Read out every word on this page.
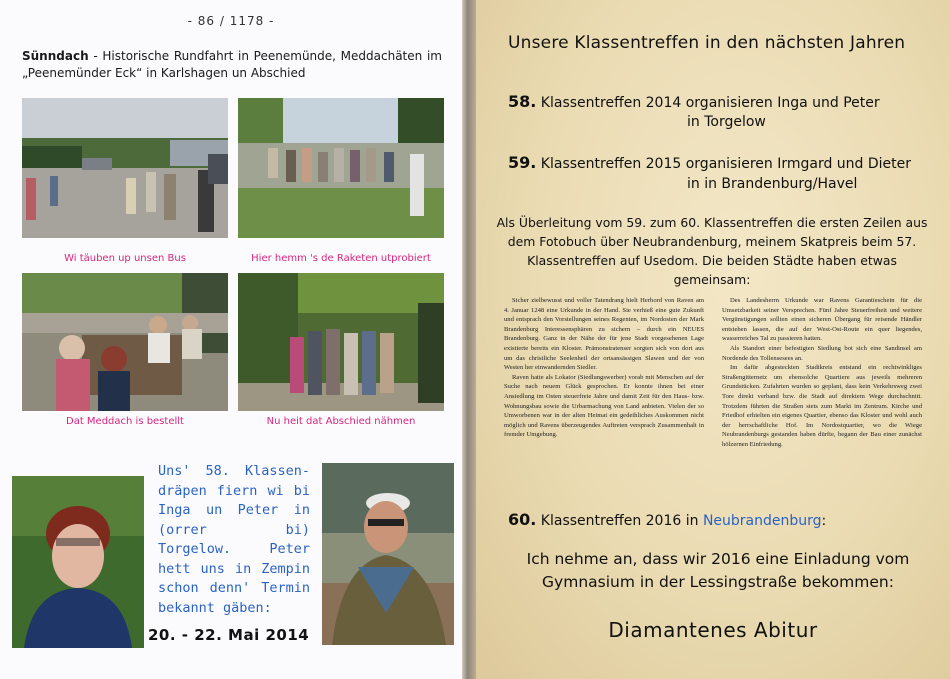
- 86 / 1178 -
Sünndach - Historische Rundfahrt in Peenemünde, Meddachäten im „Peenemünder Eck“ in Karlshagen un Abschied
Wi täuben up unsen Bus	Hier hemm 's de Raketen utprobiert
Dat Meddach is bestellt	Nu heit dat Abschied nähmen
Uns' 58. Klassen-dräpen fiern wi bi Inga un Peter in (orrer bi) Torgelow. Peter hett uns in Zempin schon denn' Termin bekannt gäben:
20. - 22. Mai 2014
Unsere Klassentreffen in den nächsten Jahren
58. Klassentreffen 2014 organisieren Inga und Peter
in Torgelow
59. Klassentreffen 2015 organisieren Irmgard und Dieter
in in Brandenburg/Havel
Als Überleitung vom 59. zum 60. Klassentreffen die ersten Zeilen aus dem Fotobuch über Neubrandenburg, meinem Skatpreis beim 57. Klassentreffen auf Usedom. Die beiden Städte haben etwas gemeinsam:

Sicher zielbewusst und voller Tatendrang hielt Herbord von Raven am 4. Januar 1248 eine Urkunde in der Hand. Sie verhieß eine gute Zukunft und entsprach den Vorstellungen seines Regenten, im Nordosten der Mark Brandenburg Interessensphären zu sichern – durch ein NEUES Brandenburg. Ganz in der Nähe der für jene Stadt vorgesehenen Lage existierte bereits ein Kloster. Prämonstratenser sorgten sich von dort aus um das christliche Seelenheil der ortsansässigen Slawen und der von Westen her einwandernden Siedler.

Raven hatte als Lokator (Siedlungswerber) vorab mit Menschen auf der Suche nach neuem Glück gesprochen. Er konnte ihnen bei einer Ansiedlung im Osten steuerfreie Jahre und damit Zeit für den Haus- bzw. Wohnungsbau sowie die Urbarmachung von Land anbieten. Vielen der so Umworbenen war in der alten Heimat ein gedeihliches Auskommen nicht möglich und Ravens überzeugendes Auftreten versprach Zusammenhalt in fremder Umgebung.

Des Landesherrn Urkunde war Ravens Garantieschein für die Umsetzbarkeit seiner Versprechen. Fünf Jahre Steuerfreiheit und weitere Vergünstigungen sollten einen sicheren Übergang für reisende Händler entstehen lassen, die auf der West-Ost-Route ein quer liegendes, wasserreiches Tal zu passieren hatten.

Als Standort einer befestigten Siedlung bot sich eine Sandinsel am Nordende des Tollensesees an.

Im dafür abgesteckten Stadtkreis entstand ein rechtwinkliges Straßengitternetz um ebensolche Quartiere aus jeweils mehreren Grundstücken. Zufahrten wurden so geplant, dass kein Verkehrsweg zwei Tore direkt verband bzw. die Stadt auf direktem Wege durchschnitt. Trotzdem führten die Straßen stets zum Markt im Zentrum. Kirche und Friedhof erhielten ein eigenes Quartier, ebenso das Kloster und wohl auch der herrschaftliche Hof. Im Nordostquartier, wo die Wiege Neubrandenburgs gestanden haben dürfte, begann der Bau einer zunächst hölzernen Einfriedung.

60. Klassentreffen 2016 in Neubrandenburg:
Ich nehme an, dass wir 2016 eine Einladung vom Gymnasium in der Lessingstraße bekommen:
Diamantenes Abitur
